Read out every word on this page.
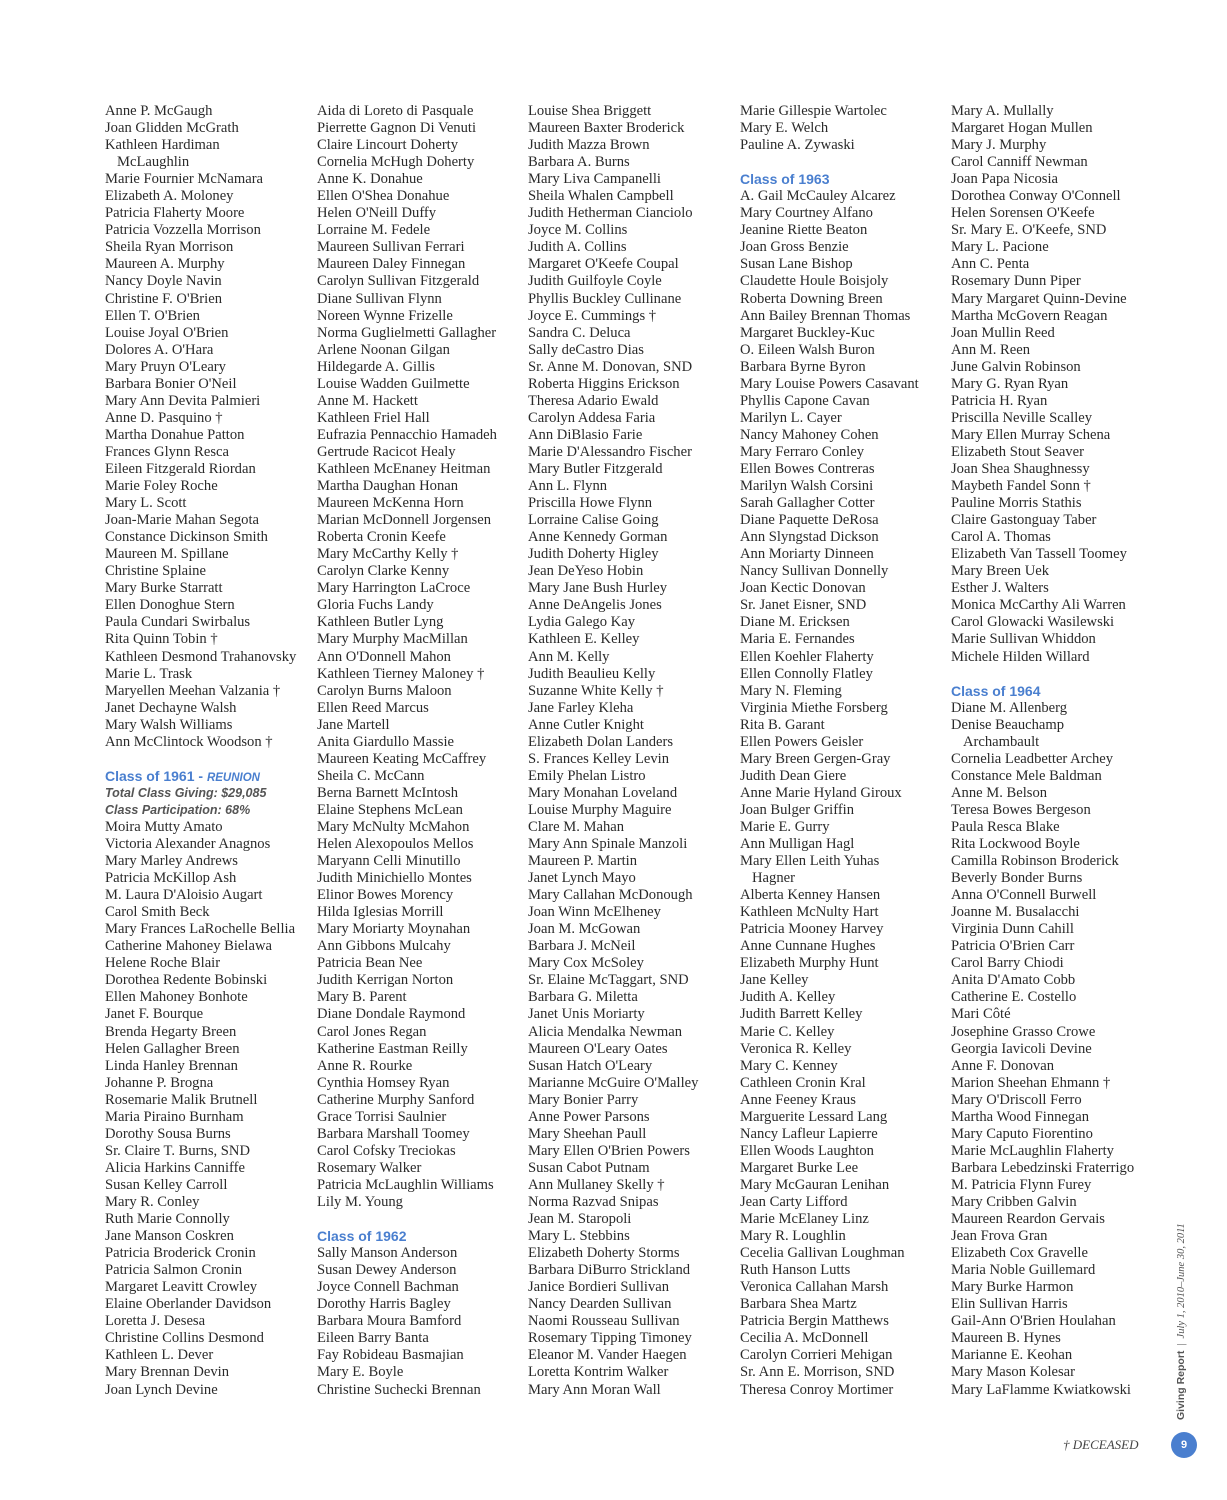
Anne P. McGaugh
Joan Glidden McGrath
Kathleen Hardiman
McLaughlin
Marie Fournier McNamara
Elizabeth A. Moloney
Patricia Flaherty Moore
Patricia Vozzella Morrison
Sheila Ryan Morrison
Maureen A. Murphy
Nancy Doyle Navin
Christine F. O'Brien
Ellen T. O'Brien
Louise Joyal O'Brien
Dolores A. O'Hara
Mary Pruyn O'Leary
Barbara Bonier O'Neil
Mary Ann Devita Palmieri
Anne D. Pasquino †
Martha Donahue Patton
Frances Glynn Resca
Eileen Fitzgerald Riordan
Marie Foley Roche
Mary L. Scott
Joan-Marie Mahan Segota
Constance Dickinson Smith
Maureen M. Spillane
Christine Splaine
Mary Burke Starratt
Ellen Donoghue Stern
Paula Cundari Swirbalus
Rita Quinn Tobin †
Kathleen Desmond Trahanovsky
Marie L. Trask
Maryellen Meehan Valzania †
Janet Dechayne Walsh
Mary Walsh Williams
Ann McClintock Woodson †
Class of 1961 - REUNION
Total Class Giving: $29,085
Class Participation: 68%
Moira Mutty Amato
Victoria Alexander Anagnos
Mary Marley Andrews
Patricia McKillop Ash
M. Laura D'Aloisio Augart
Carol Smith Beck
Mary Frances LaRochelle Bellia
Catherine Mahoney Bielawa
Helene Roche Blair
Dorothea Redente Bobinski
Ellen Mahoney Bonhote
Janet F. Bourque
Brenda Hegarty Breen
Helen Gallagher Breen
Linda Hanley Brennan
Johanne P. Brogna
Rosemarie Malik Brutnell
Maria Piraino Burnham
Dorothy Sousa Burns
Sr. Claire T. Burns, SND
Alicia Harkins Canniffe
Susan Kelley Carroll
Mary R. Conley
Ruth Marie Connolly
Jane Manson Coskren
Patricia Broderick Cronin
Patricia Salmon Cronin
Margaret Leavitt Crowley
Elaine Oberlander Davidson
Loretta J. Desesa
Christine Collins Desmond
Kathleen L. Dever
Mary Brennan Devin
Joan Lynch Devine
Aida di Loreto di Pasquale
Pierrette Gagnon Di Venuti
Claire Lincourt Doherty
Cornelia McHugh Doherty
Anne K. Donahue
Ellen O'Shea Donahue
Helen O'Neill Duffy
Lorraine M. Fedele
Maureen Sullivan Ferrari
Maureen Daley Finnegan
Carolyn Sullivan Fitzgerald
Diane Sullivan Flynn
Noreen Wynne Frizelle
Norma Guglielmetti Gallagher
Arlene Noonan Gilgan
Hildegarde A. Gillis
Louise Wadden Guilmette
Anne M. Hackett
Kathleen Friel Hall
Eufrazia Pennacchio Hamadeh
Gertrude Racicot Healy
Kathleen McEnaney Heitman
Martha Daughan Honan
Maureen McKenna Horn
Marian McDonnell Jorgensen
Roberta Cronin Keefe
Mary McCarthy Kelly †
Carolyn Clarke Kenny
Mary Harrington LaCroce
Gloria Fuchs Landy
Kathleen Butler Lyng
Mary Murphy MacMillan
Ann O'Donnell Mahon
Kathleen Tierney Maloney †
Carolyn Burns Maloon
Ellen Reed Marcus
Jane Martell
Anita Giardullo Massie
Maureen Keating McCaffrey
Sheila C. McCann
Berna Barnett McIntosh
Elaine Stephens McLean
Mary McNulty McMahon
Helen Alexopoulos Mellos
Maryann Celli Minutillo
Judith Minichiello Montes
Elinor Bowes Morency
Hilda Iglesias Morrill
Mary Moriarty Moynahan
Ann Gibbons Mulcahy
Patricia Bean Nee
Judith Kerrigan Norton
Mary B. Parent
Diane Dondale Raymond
Carol Jones Regan
Katherine Eastman Reilly
Anne R. Rourke
Cynthia Homsey Ryan
Catherine Murphy Sanford
Grace Torrisi Saulnier
Barbara Marshall Toomey
Carol Cofsky Treciokas
Rosemary Walker
Patricia McLaughlin Williams
Lily M. Young
Class of 1962
Sally Manson Anderson
Susan Dewey Anderson
Joyce Connell Bachman
Dorothy Harris Bagley
Barbara Moura Bamford
Eileen Barry Banta
Fay Robideau Basmajian
Mary E. Boyle
Christine Suchecki Brennan
Louise Shea Briggett
Maureen Baxter Broderick
Judith Mazza Brown
Barbara A. Burns
Mary Liva Campanelli
Sheila Whalen Campbell
Judith Hetherman Cianciolo
Joyce M. Collins
Judith A. Collins
Margaret O'Keefe Coupal
Judith Guilfoyle Coyle
Phyllis Buckley Cullinane
Joyce E. Cummings †
Sandra C. Deluca
Sally deCastro Dias
Sr. Anne M. Donovan, SND
Roberta Higgins Erickson
Theresa Adario Ewald
Carolyn Addesa Faria
Ann DiBlasio Farie
Marie D'Alessandro Fischer
Mary Butler Fitzgerald
Ann L. Flynn
Priscilla Howe Flynn
Lorraine Calise Going
Anne Kennedy Gorman
Judith Doherty Higley
Jean DeYeso Hobin
Mary Jane Bush Hurley
Anne DeAngelis Jones
Lydia Galego Kay
Kathleen E. Kelley
Ann M. Kelly
Judith Beaulieu Kelly
Suzanne White Kelly †
Jane Farley Kleha
Anne Cutler Knight
Elizabeth Dolan Landers
S. Frances Kelley Levin
Emily Phelan Listro
Mary Monahan Loveland
Louise Murphy Maguire
Clare M. Mahan
Mary Ann Spinale Manzoli
Maureen P. Martin
Janet Lynch Mayo
Mary Callahan McDonough
Joan Winn McElheney
Joan M. McGowan
Barbara J. McNeil
Mary Cox McSoley
Sr. Elaine McTaggart, SND
Barbara G. Miletta
Janet Unis Moriarty
Alicia Mendalka Newman
Maureen O'Leary Oates
Susan Hatch O'Leary
Marianne McGuire O'Malley
Mary Bonier Parry
Anne Power Parsons
Mary Sheehan Paull
Mary Ellen O'Brien Powers
Susan Cabot Putnam
Ann Mullaney Skelly †
Norma Razvad Snipas
Jean M. Staropoli
Mary L. Stebbins
Elizabeth Doherty Storms
Barbara DiBurro Strickland
Janice Bordieri Sullivan
Nancy Dearden Sullivan
Naomi Rousseau Sullivan
Rosemary Tipping Timoney
Eleanor M. Vander Haegen
Loretta Kontrim Walker
Mary Ann Moran Wall
Marie Gillespie Wartolec
Mary E. Welch
Pauline A. Zywaski
Class of 1963
A. Gail McCauley Alcarez
Mary Courtney Alfano
Jeanine Riette Beaton
Joan Gross Benzie
Susan Lane Bishop
Claudette Houle Boisjoly
Roberta Downing Breen
Ann Bailey Brennan Thomas
Margaret Buckley-Kuc
O. Eileen Walsh Buron
Barbara Byrne Byron
Mary Louise Powers Casavant
Phyllis Capone Cavan
Marilyn L. Cayer
Nancy Mahoney Cohen
Mary Ferraro Conley
Ellen Bowes Contreras
Marilyn Walsh Corsini
Sarah Gallagher Cotter
Diane Paquette DeRosa
Ann Slyngstad Dickson
Ann Moriarty Dinneen
Nancy Sullivan Donnelly
Joan Kectic Donovan
Sr. Janet Eisner, SND
Diane M. Ericksen
Maria E. Fernandes
Ellen Koehler Flaherty
Ellen Connolly Flatley
Mary N. Fleming
Virginia Miethe Forsberg
Rita B. Garant
Ellen Powers Geisler
Mary Breen Gergen-Gray
Judith Dean Giere
Anne Marie Hyland Giroux
Joan Bulger Griffin
Marie E. Gurry
Ann Mulligan Hagl
Mary Ellen Leith Yuhas
Hagner
Alberta Kenney Hansen
Kathleen McNulty Hart
Patricia Mooney Harvey
Anne Cunnane Hughes
Elizabeth Murphy Hunt
Jane Kelley
Judith A. Kelley
Judith Barrett Kelley
Marie C. Kelley
Veronica R. Kelley
Mary C. Kenney
Cathleen Cronin Kral
Anne Feeney Kraus
Marguerite Lessard Lang
Nancy Lafleur Lapierre
Ellen Woods Laughton
Margaret Burke Lee
Mary McGauran Lenihan
Jean Carty Lifford
Marie McElaney Linz
Mary R. Loughlin
Cecelia Gallivan Loughman
Ruth Hanson Lutts
Veronica Callahan Marsh
Barbara Shea Martz
Patricia Bergin Matthews
Cecilia A. McDonnell
Carolyn Corrieri Mehigan
Sr. Ann E. Morrison, SND
Theresa Conroy Mortimer
Mary A. Mullally
Margaret Hogan Mullen
Mary J. Murphy
Carol Canniff Newman
Joan Papa Nicosia
Dorothea Conway O'Connell
Helen Sorensen O'Keefe
Sr. Mary E. O'Keefe, SND
Mary L. Pacione
Ann C. Penta
Rosemary Dunn Piper
Mary Margaret Quinn-Devine
Martha McGovern Reagan
Joan Mullin Reed
Ann M. Reen
June Galvin Robinson
Mary G. Ryan Ryan
Patricia H. Ryan
Priscilla Neville Scalley
Mary Ellen Murray Schena
Elizabeth Stout Seaver
Joan Shea Shaughnessy
Maybeth Fandel Sonn †
Pauline Morris Stathis
Claire Gastonguay Taber
Carol A. Thomas
Elizabeth Van Tassell Toomey
Mary Breen Uek
Esther J. Walters
Monica McCarthy Ali Warren
Carol Glowacki Wasilewski
Marie Sullivan Whiddon
Michele Hilden Willard
Class of 1964
Diane M. Allenberg
Denise Beauchamp
Archambault
Cornelia Leadbetter Archey
Constance Mele Baldman
Anne M. Belson
Teresa Bowes Bergeson
Paula Resca Blake
Rita Lockwood Boyle
Camilla Robinson Broderick
Beverly Bonder Burns
Anna O'Connell Burwell
Joanne M. Busalacchi
Virginia Dunn Cahill
Patricia O'Brien Carr
Carol Barry Chiodi
Anita D'Amato Cobb
Catherine E. Costello
Mari Côté
Josephine Grasso Crowe
Georgia Iavicoli Devine
Anne F. Donovan
Marion Sheehan Ehmann †
Mary O'Driscoll Ferro
Martha Wood Finnegan
Mary Caputo Fiorentino
Marie McLaughlin Flaherty
Barbara Lebedzinski Fraterrigo
M. Patricia Flynn Furey
Mary Cribben Galvin
Maureen Reardon Gervais
Jean Frova Gran
Elizabeth Cox Gravelle
Maria Noble Guillemard
Mary Burke Harmon
Elin Sullivan Harris
Gail-Ann O'Brien Houlahan
Maureen B. Hynes
Marianne E. Keohan
Mary Mason Kolesar
Mary LaFlamme Kwiatkowski
† DECEASED
Giving Report|July 1, 2010–June 30, 2011
9
